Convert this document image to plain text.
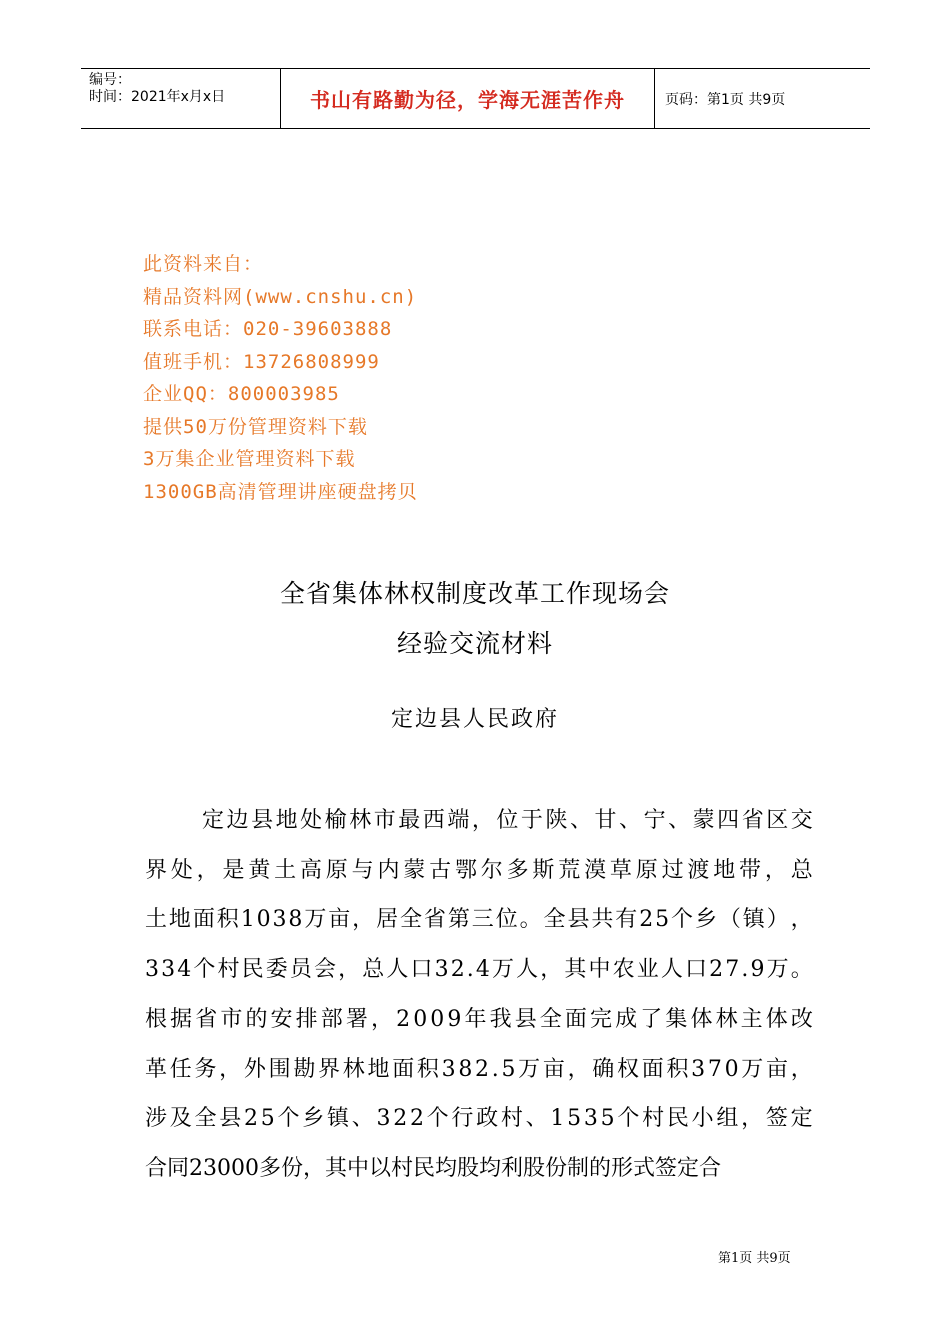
编号：
时间：2021年x月x日	书山有路勤为径，学海无涯苦作舟	页码：第1页 共9页
此资料来自：
精品资料网(www.cnshu.cn)
联系电话：020-39603888
值班手机：13726808999
企业QQ：800003985
提供50万份管理资料下载
3万集企业管理资料下载
1300GB高清管理讲座硬盘拷贝
全省集体林权制度改革工作现场会
经验交流材料
定边县人民政府
定 边 县 地 处 榆 林 市 最 西 端 ， 位 于 陕 、 甘 、 宁 、 蒙 四 省 区 交
界 处 ， 是 黄 土 高 原 与 内 蒙 古 鄂 尔 多 斯 荒 漠 草 原 过 渡 地 带 ， 总
土 地 面 积 1 0 3 8 万 亩 ， 居 全 省 第 三 位 。 全 县 共 有 2 5 个 乡 （ 镇 ） ，
3 3 4 个 村 民 委 员 会 ， 总 人 口 3 2 . 4 万 人 ， 其 中 农 业 人 口 2 7 . 9 万 。
根 据 省 市 的 安 排 部 署 ， 2 0 0 9 年 我 县 全 面 完 成 了 集 体 林 主 体 改
革 任 务 ， 外 围 勘 界 林 地 面 积 3 8 2 . 5 万 亩 ， 确 权 面 积 3 7 0 万 亩 ，
涉 及 全 县 2 5 个 乡 镇 、 3 2 2 个 行 政 村 、 1 5 3 5 个 村 民 小 组 ， 签 定
合同23000多份，其中以村民均股均利股份制的形式签定合
第1页 共9页
